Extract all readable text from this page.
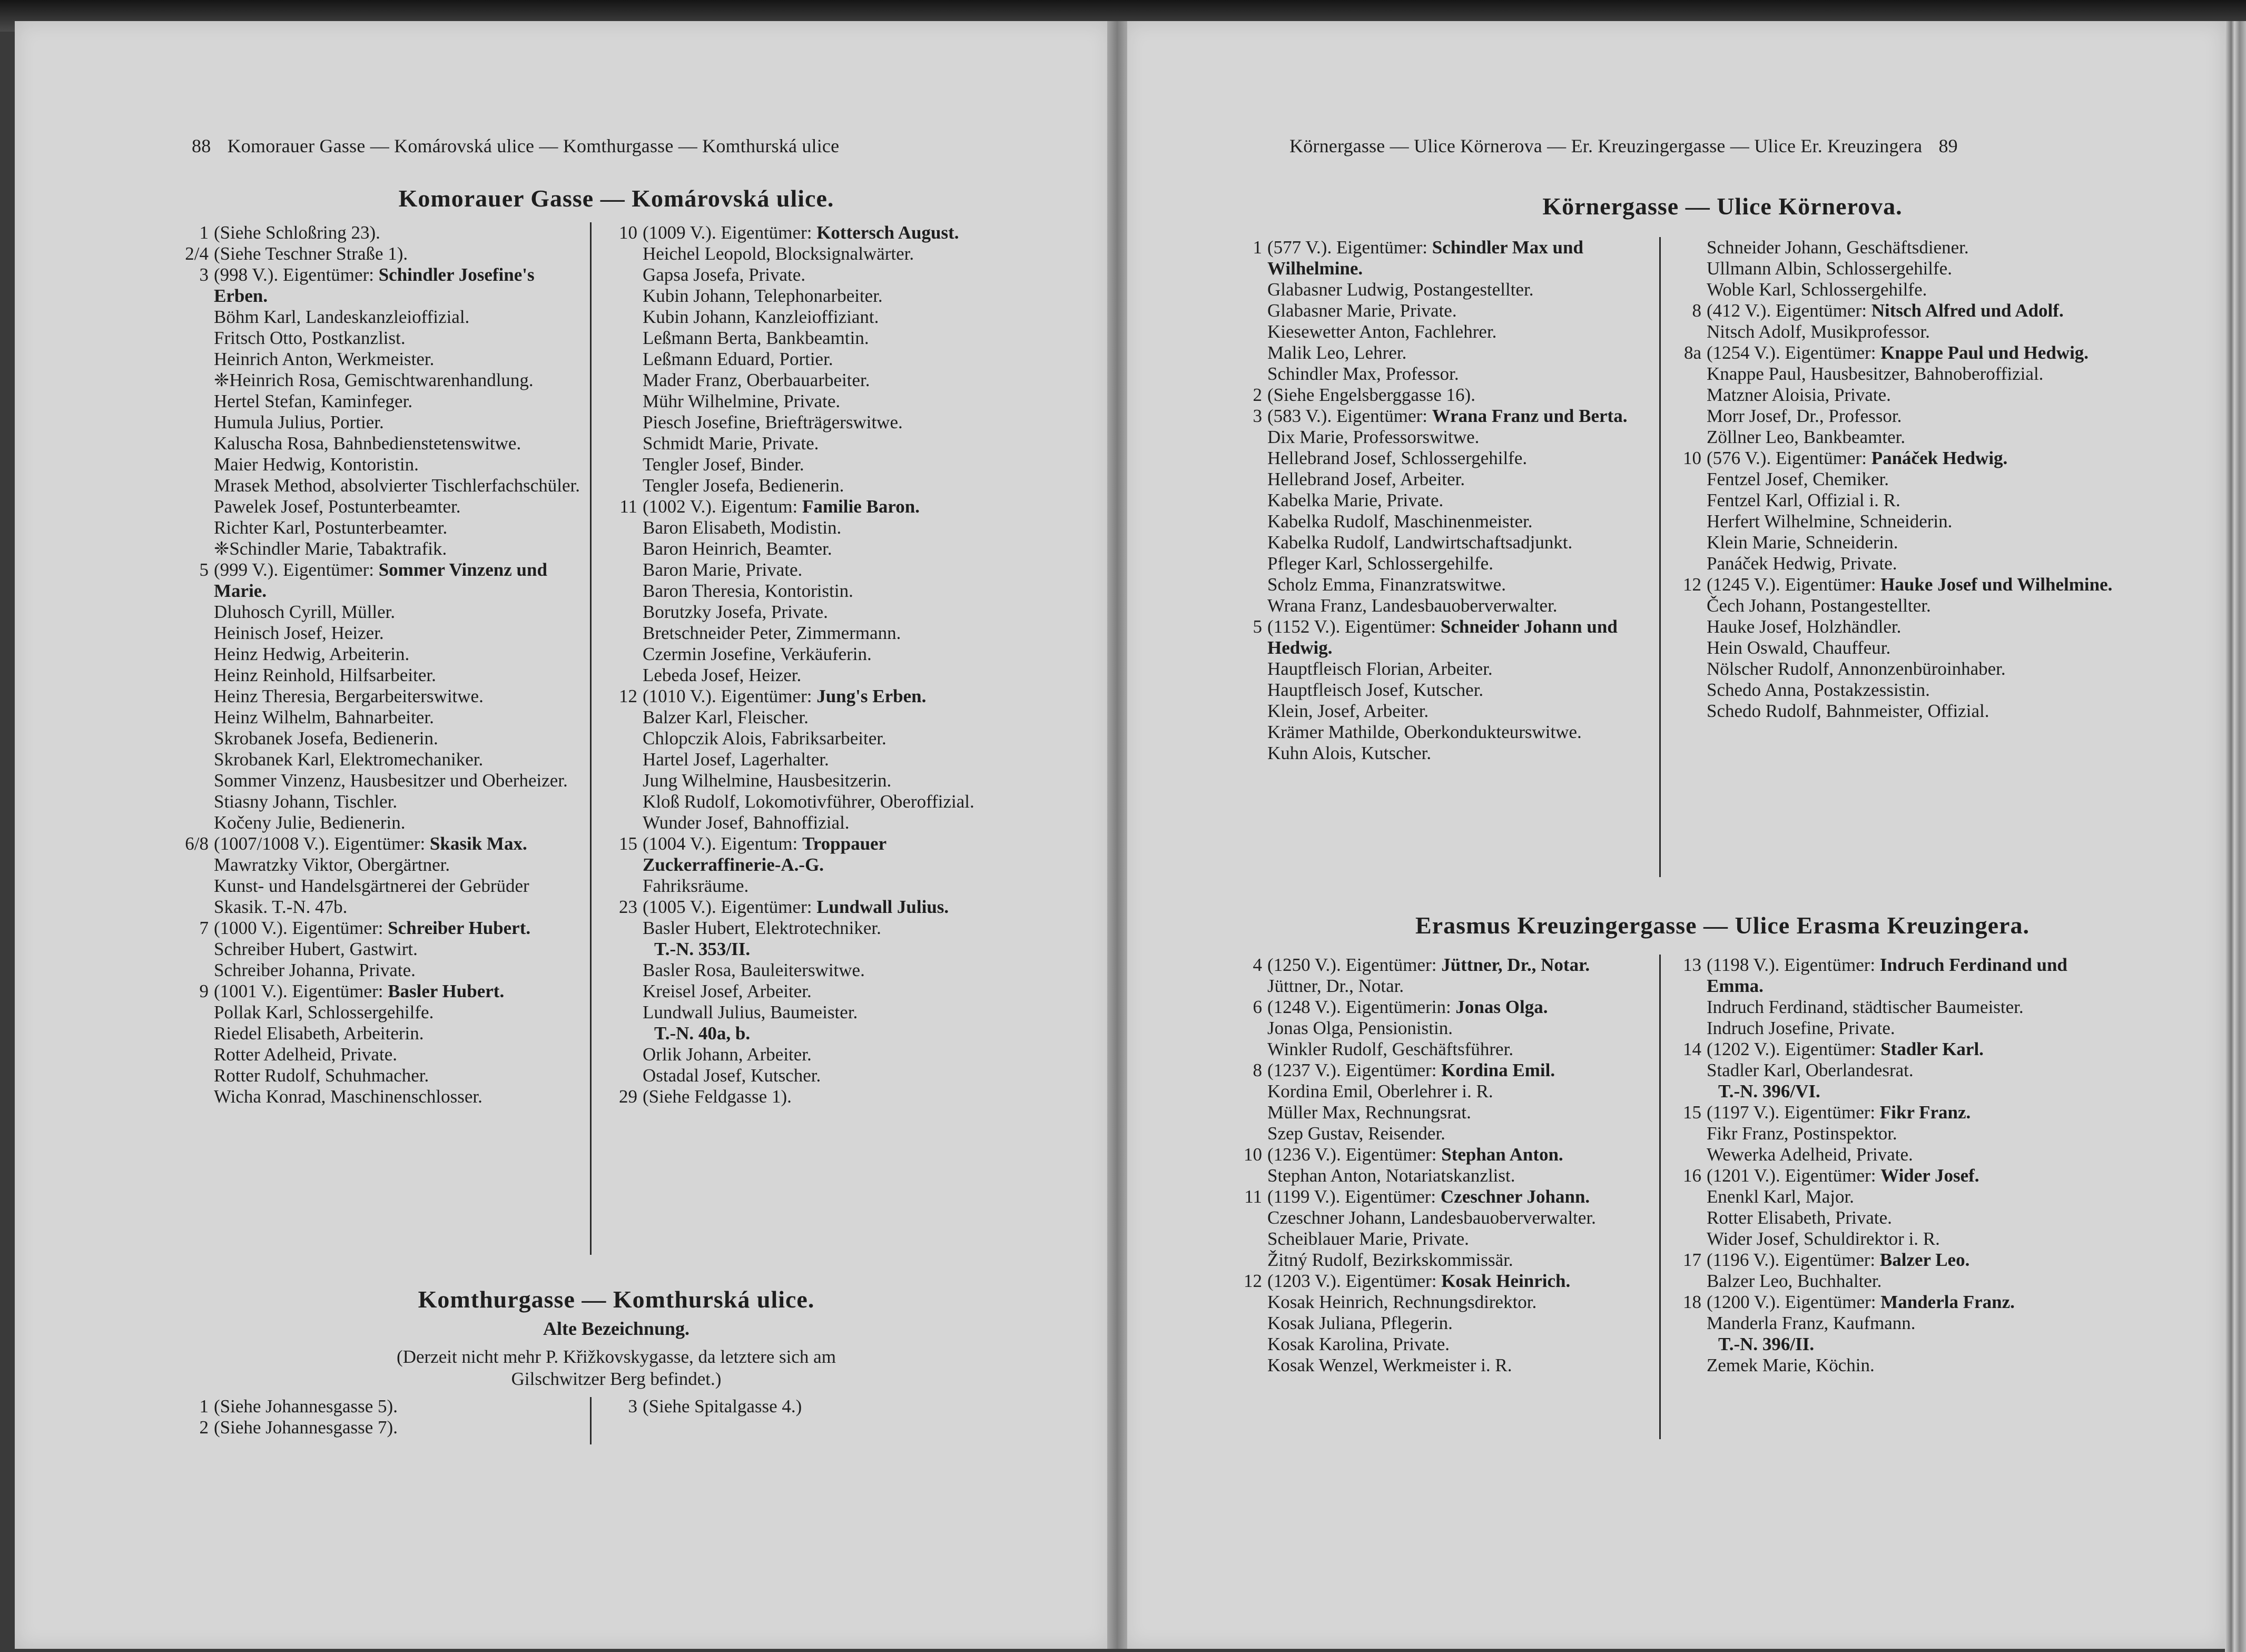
88 Komorauer Gasse — Komárovská ulice — Komthurgasse — Komthurská ulice	Körnergasse — Ulice Körnerova — Er. Kreuzingergasse — Ulice Er. Kreuzingera 89
Komorauer Gasse — Komárovská ulice.	Körnergasse — Ulice Körnerova.
Erasmus Kreuzingergasse — Ulice Erasma Kreuzingera.
Komthurgasse — Komthurská ulice.
Alte Bezeichnung.
(Derzeit nicht mehr P. Křižkovskygasse, da letztere sich am
Gilschwitzer Berg befindet.)
1 (Siehe Schloßring 23).
2/4 (Siehe Teschner Straße 1).
3 (998 V.). Eigentümer: Schindler Josefine's Erben.
Böhm Karl, Landeskanzleioffizial.
Fritsch Otto, Postkanzlist.
Heinrich Anton, Werkmeister.
❈Heinrich Rosa, Gemischtwarenhandlung.
Hertel Stefan, Kaminfeger.
Humula Julius, Portier.
Kaluscha Rosa, Bahnbedienstetenswitwe.
Maier Hedwig, Kontoristin.
Mrasek Method, absolvierter Tischlerfachschüler.
Pawelek Josef, Postunterbeamter.
Richter Karl, Postunterbeamter.
❈Schindler Marie, Tabaktrafik.
5 (999 V.). Eigentümer: Sommer Vinzenz und Marie.
Dluhosch Cyrill, Müller.
Heinisch Josef, Heizer.
Heinz Hedwig, Arbeiterin.
Heinz Reinhold, Hilfsarbeiter.
Heinz Theresia, Bergarbeiterswitwe.
Heinz Wilhelm, Bahnarbeiter.
Skrobanek Josefa, Bedienerin.
Skrobanek Karl, Elektromechaniker.
Sommer Vinzenz, Hausbesitzer und Oberheizer.
Stiasny Johann, Tischler.
Kočeny Julie, Bedienerin.
6/8 (1007/1008 V.). Eigentümer: Skasik Max.
Mawratzky Viktor, Obergärtner.
Kunst- und Handelsgärtnerei der Gebrüder Skasik. T.-N. 47b.
7 (1000 V.). Eigentümer: Schreiber Hubert.
Schreiber Hubert, Gastwirt.
Schreiber Johanna, Private.
9 (1001 V.). Eigentümer: Basler Hubert.
Pollak Karl, Schlossergehilfe.
Riedel Elisabeth, Arbeiterin.
Rotter Adelheid, Private.
Rotter Rudolf, Schuhmacher.
Wicha Konrad, Maschinenschlosser.
10 (1009 V.). Eigentümer: Kottersch August.
Heichel Leopold, Blocksignalwärter.
Gapsa Josefa, Private.
Kubin Johann, Telephonarbeiter.
Kubin Johann, Kanzleioffiziant.
Leßmann Berta, Bankbeamtin.
Leßmann Eduard, Portier.
Mader Franz, Oberbauarbeiter.
Mühr Wilhelmine, Private.
Piesch Josefine, Briefträgerswitwe.
Schmidt Marie, Private.
Tengler Josef, Binder.
Tengler Josefa, Bedienerin.
11 (1002 V.). Eigentum: Familie Baron.
Baron Elisabeth, Modistin.
Baron Heinrich, Beamter.
Baron Marie, Private.
Baron Theresia, Kontoristin.
Borutzky Josefa, Private.
Bretschneider Peter, Zimmermann.
Czermin Josefine, Verkäuferin.
Lebeda Josef, Heizer.
12 (1010 V.). Eigentümer: Jung's Erben.
Balzer Karl, Fleischer.
Chlopczik Alois, Fabriksarbeiter.
Hartel Josef, Lagerhalter.
Jung Wilhelmine, Hausbesitzerin.
Kloß Rudolf, Lokomotivführer, Oberoffizial.
Wunder Josef, Bahnoffizial.
15 (1004 V.). Eigentum: Troppauer Zuckerraffinerie-A.-G.
Fahriksräume.
23 (1005 V.). Eigentümer: Lundwall Julius.
Basler Hubert, Elektrotechniker.
T.-N. 353/II.
Basler Rosa, Bauleiterswitwe.
Kreisel Josef, Arbeiter.
Lundwall Julius, Baumeister.
T.-N. 40a, b.
Orlik Johann, Arbeiter.
Ostadal Josef, Kutscher.
29 (Siehe Feldgasse 1).
1 (Siehe Johannesgasse 5).
2 (Siehe Johannesgasse 7).
3 (Siehe Spitalgasse 4.)
1 (577 V.). Eigentümer: Schindler Max und Wilhelmine.
Glabasner Ludwig, Postangestellter.
Glabasner Marie, Private.
Kiesewetter Anton, Fachlehrer.
Malik Leo, Lehrer.
Schindler Max, Professor.
2 (Siehe Engelsberggasse 16).
3 (583 V.). Eigentümer: Wrana Franz und Berta.
Dix Marie, Professorswitwe.
Hellebrand Josef, Schlossergehilfe.
Hellebrand Josef, Arbeiter.
Kabelka Marie, Private.
Kabelka Rudolf, Maschinenmeister.
Kabelka Rudolf, Landwirtschaftsadjunkt.
Pfleger Karl, Schlossergehilfe.
Scholz Emma, Finanzratswitwe.
Wrana Franz, Landesbauoberverwalter.
5 (1152 V.). Eigentümer: Schneider Johann und Hedwig.
Hauptfleisch Florian, Arbeiter.
Hauptfleisch Josef, Kutscher.
Klein, Josef, Arbeiter.
Krämer Mathilde, Oberkondukteurswitwe.
Kuhn Alois, Kutscher.
Schneider Johann, Geschäftsdiener.
Ullmann Albin, Schlossergehilfe.
Woble Karl, Schlossergehilfe.
8 (412 V.). Eigentümer: Nitsch Alfred und Adolf.
Nitsch Adolf, Musikprofessor.
8a (1254 V.). Eigentümer: Knappe Paul und Hedwig.
Knappe Paul, Hausbesitzer, Bahnoberoffizial.
Matzner Aloisia, Private.
Morr Josef, Dr., Professor.
Zöllner Leo, Bankbeamter.
10 (576 V.). Eigentümer: Panáček Hedwig.
Fentzel Josef, Chemiker.
Fentzel Karl, Offizial i. R.
Herfert Wilhelmine, Schneiderin.
Klein Marie, Schneiderin.
Panáček Hedwig, Private.
12 (1245 V.). Eigentümer: Hauke Josef und Wilhelmine.
Čech Johann, Postangestellter.
Hauke Josef, Holzhändler.
Hein Oswald, Chauffeur.
Nölscher Rudolf, Annonzenbüroinhaber.
Schedo Anna, Postakzessistin.
Schedo Rudolf, Bahnmeister, Offizial.
4 (1250 V.). Eigentümer: Jüttner, Dr., Notar.
Jüttner, Dr., Notar.
6 (1248 V.). Eigentümerin: Jonas Olga.
Jonas Olga, Pensionistin.
Winkler Rudolf, Geschäftsführer.
8 (1237 V.). Eigentümer: Kordina Emil.
Kordina Emil, Oberlehrer i. R.
Müller Max, Rechnungsrat.
Szep Gustav, Reisender.
10 (1236 V.). Eigentümer: Stephan Anton.
Stephan Anton, Notariatskanzlist.
11 (1199 V.). Eigentümer: Czeschner Johann.
Czeschner Johann, Landesbauoberverwalter.
Scheiblauer Marie, Private.
Žitný Rudolf, Bezirkskommissär.
12 (1203 V.). Eigentümer: Kosak Heinrich.
Kosak Heinrich, Rechnungsdirektor.
Kosak Juliana, Pflegerin.
Kosak Karolina, Private.
Kosak Wenzel, Werkmeister i. R.
13 (1198 V.). Eigentümer: Indruch Ferdinand und Emma.
Indruch Ferdinand, städtischer Baumeister.
Indruch Josefine, Private.
14 (1202 V.). Eigentümer: Stadler Karl.
Stadler Karl, Oberlandesrat.
T.-N. 396/VI.
15 (1197 V.). Eigentümer: Fikr Franz.
Fikr Franz, Postinspektor.
Wewerka Adelheid, Private.
16 (1201 V.). Eigentümer: Wider Josef.
Enenkl Karl, Major.
Rotter Elisabeth, Private.
Wider Josef, Schuldirektor i. R.
17 (1196 V.). Eigentümer: Balzer Leo.
Balzer Leo, Buchhalter.
18 (1200 V.). Eigentümer: Manderla Franz.
Manderla Franz, Kaufmann.
T.-N. 396/II.
Zemek Marie, Köchin.
